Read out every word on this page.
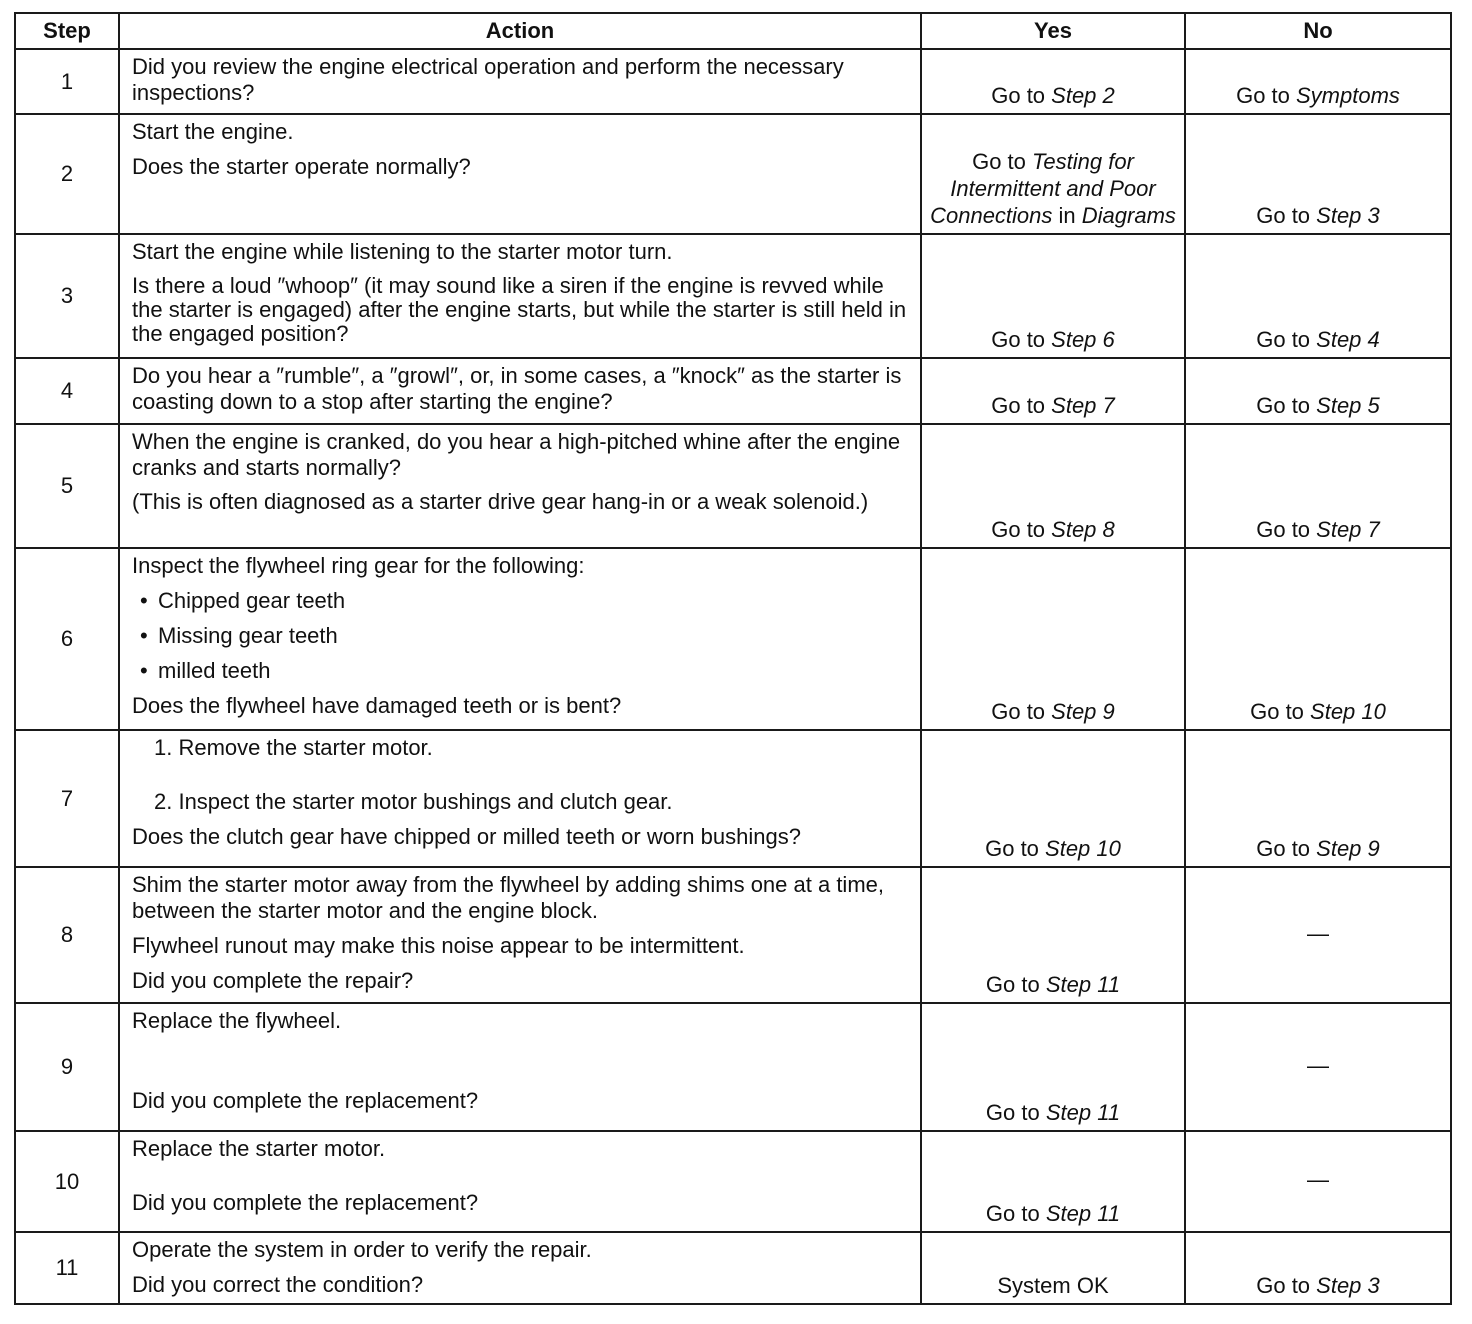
Step	Action	Yes	No
1	Did you review the engine electrical operation and perform the necessary inspections?	Go to Step 2	Go to Symptoms
2	Start the engine.
Does the starter operate normally?	Go to Testing for Intermittent and Poor Connections in Diagrams	Go to Step 3
3	Start the engine while listening to the starter motor turn.
Is there a loud ″whoop″ (it may sound like a siren if the engine is revved while the starter is engaged) after the engine starts, but while the starter is still held in the engaged position?	Go to Step 6	Go to Step 4
4	Do you hear a ″rumble″, a ″growl″, or, in some cases, a ″knock″ as the starter is coasting down to a stop after starting the engine?	Go to Step 7	Go to Step 5
5	When the engine is cranked, do you hear a high-pitched whine after the engine cranks and starts normally?
(This is often diagnosed as a starter drive gear hang-in or a weak solenoid.)	Go to Step 8	Go to Step 7
6	Inspect the flywheel ring gear for the following:
• Chipped gear teeth
• Missing gear teeth
• milled teeth
Does the flywheel have damaged teeth or is bent?	Go to Step 9	Go to Step 10
7	1. Remove the starter motor.
2. Inspect the starter motor bushings and clutch gear.
Does the clutch gear have chipped or milled teeth or worn bushings?	Go to Step 10	Go to Step 9
8	Shim the starter motor away from the flywheel by adding shims one at a time, between the starter motor and the engine block.
Flywheel runout may make this noise appear to be intermittent.
Did you complete the repair?	Go to Step 11	—
9	Replace the flywheel.
Did you complete the replacement?	Go to Step 11	—
10	Replace the starter motor.
Did you complete the replacement?	Go to Step 11	—
11	Operate the system in order to verify the repair.
Did you correct the condition?	System OK	Go to Step 3
